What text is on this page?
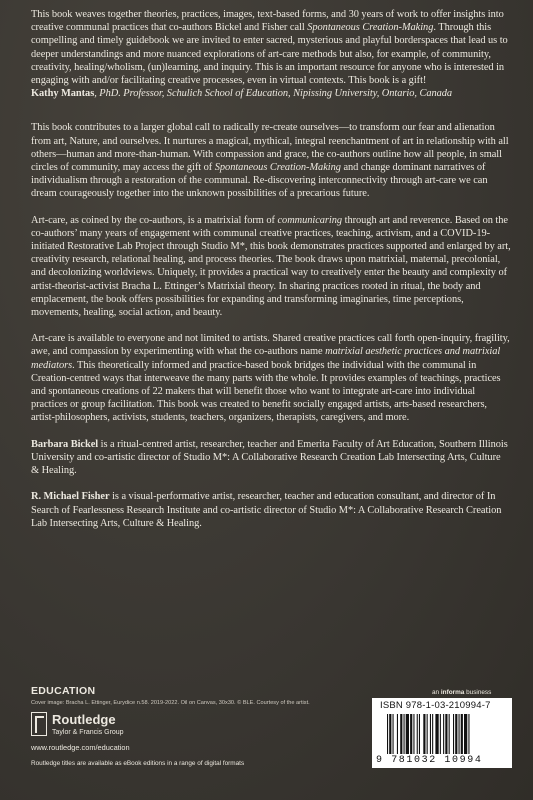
This book weaves together theories, practices, images, text-based forms, and 30 years of work to offer insights into creative communal practices that co-authors Bickel and Fisher call Spontaneous Creation-Making. Through this compelling and timely guidebook we are invited to enter sacred, mysterious and playful borderspaces that lead us to deeper understandings and more nuanced explorations of art-care methods but also, for example, of community, creativity, healing/wholism, (un)learning, and inquiry. This is an important resource for anyone who is interested in engaging with and/or facilitating creative processes, even in virtual contexts. This book is a gift!
Kathy Mantas, PhD. Professor, Schulich School of Education, Nipissing University, Ontario, Canada

This book contributes to a larger global call to radically re-create ourselves—to transform our fear and alienation from art, Nature, and ourselves. It nurtures a magical, mythical, integral reenchantment of art in relationship with all others—human and more-than-human. With compassion and grace, the co-authors outline how all people, in small circles of community, may access the gift of Spontaneous Creation-Making and change dominant narratives of individualism through a restoration of the communal. Re-discovering interconnectivity through art-care we can dream courageously together into the unknown possibilities of a precarious future.

Art-care, as coined by the co-authors, is a matrixial form of communicaring through art and reverence. Based on the co-authors’ many years of engagement with communal creative practices, teaching, activism, and a COVID-19-initiated Restorative Lab Project through Studio M*, this book demonstrates practices supported and enlarged by art, creativity research, relational healing, and process theories. The book draws upon matrixial, maternal, precolonial, and decolonizing worldviews. Uniquely, it provides a practical way to creatively enter the beauty and complexity of artist-theorist-activist Bracha L. Ettinger’s Matrixial theory. In sharing practices rooted in ritual, the body and emplacement, the book offers possibilities for expanding and transforming imaginaries, time perceptions, movements, healing, social action, and beauty.

Art-care is available to everyone and not limited to artists. Shared creative practices call forth open-inquiry, fragility, awe, and compassion by experimenting with what the co-authors name matrixial aesthetic practices and matrixial mediators. This theoretically informed and practice-based book bridges the individual with the communal in Creation-centred ways that interweave the many parts with the whole. It provides examples of teachings, practices and spontaneous creations of 22 makers that will benefit those who want to integrate art-care into individual practices or group facilitation. This book was created to benefit socially engaged artists, arts-based researchers, artist-philosophers, activists, students, teachers, organizers, therapists, caregivers, and more.

Barbara Bickel is a ritual-centred artist, researcher, teacher and Emerita Faculty of Art Education, Southern Illinois University and co-artistic director of Studio M*: A Collaborative Research Creation Lab Intersecting Arts, Culture & Healing.

R. Michael Fisher is a visual-performative artist, researcher, teacher and education consultant, and director of In Search of Fearlessness Research Institute and co-artistic director of Studio M*: A Collaborative Research Creation Lab Intersecting Arts, Culture & Healing.

EDUCATION
Cover image: Bracha L. Ettinger, Eurydice n.58. 2019-2022. Oil on Canvas, 30x30. © BLE. Courtesy of the artist.
Routledge
Taylor & Francis Group
www.routledge.com/education
Routledge titles are available as eBook editions in a range of digital formats
an informa business
ISBN 978-1-03-210994-7
9 781032 10994
